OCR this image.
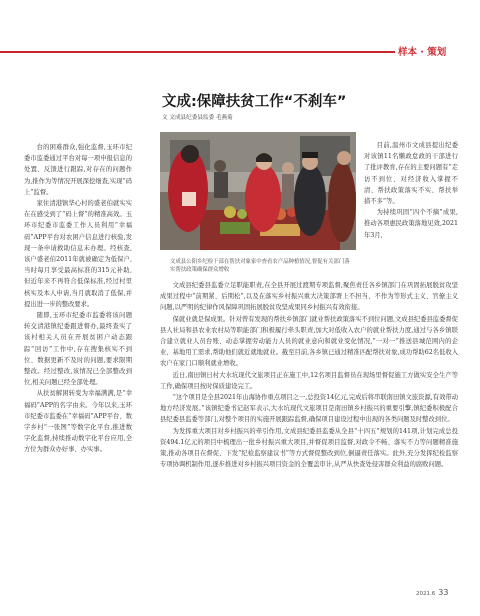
样本 · 策划

台的困难群众,强化监督,玉环市纪委市监委通过平台对每一项申报信息的处置、反馈进行跟踪,对存在的问题作为,推作为等情况开展深挖细查,实现“码上”监督。

家住清港镇华心村的盛老伯就实实在在感受到了“码上督”的精准高效。玉环市纪委市监委工作人员利用“幸福码”APP平台对农困户信息进行核验,发现一条申请救助信息未办理。经核查,该户盛老伯2011年就被确定为低保户,当时每月享受最高标准的315元补助,但近年来不再符合低保标准,经过村里核实及本人申请,当月就取消了低保,并提出进一步的整改要求。

随即,玉环市纪委市监委将该问题转交清港镇纪委跟进督办,最终查实了该村相关人员在开展贫困户动态跟踪“回访”工作中,存在搜集核实不到位、数据更新不及时的问题,要求限期整改。经过整改,该情况已全部整改到位,相关问题已经全部处理。

从扶贫解困转变为幸福满满,是“幸福码”APP的名字由来。今年以来,玉环市纪委市监委在“幸福码”APP平台、数字乡村“一张图”等数字化平台,推进数字化监督,持续推动数字化平台应用,全方位为群众办好事、办实事。

文成:保障扶贫工作“不刹车”
文 文成县纪委县监委 毛燕菊
文成县公阳乡纪检干部在帮扶对象家中查看农产品种植情况,督促有关部门落实帮扶政策确保群众增收

目前,温州市文成县提出纪委对该镇11名懒政怠政的干部进行了批评教育,存在的主要问题有“走访不到位、对经济收入掌握不清、帮扶政策落实不实、帮扶举措不多”等。

为持续巩固“四个不摘”成果,推动各项惠民政策落地见效,2021年3月,

文成县纪委县监委立足职能职责,在全县开展过渡期专项监督,聚焦责任各乡镇部门在巩固拓展脱贫攻坚成果过程中“前期紧、后期松”,以及在落实乡村振兴重大决策部署上不担当、不作为等形式主义、官僚主义问题,以严明的纪律作风保障巩固拓展脱贫攻坚成果同乡村振兴有效衔接。

保就业就是保成果。针对曾有发现的帮扶乡镇部门就业帮扶政策落实不到位问题,文成县纪委县监委督促县人社局和县农业农村局等职能部门积极履行牵头职责,加大对低收入农户的就业帮扶力度,通过与各乡镇联合建立就业人员台账、动态掌握劳动能力人员的就业意向和就业变化情况,“一对一”推送县城范围内的企业、基地用工需求,帮助他们就近就地就业。截至目前,各乡镇已通过精准匹配帮扶对象,成功帮助62名低收入农户在家门口顺利就业增收。

近日,南田镇日村大水坑现代文旅项目正在施工中,12名项目监督员在现场里督促施工方做实安全生产等工作,确保项目按时保质建设完工。

“这个项目是全县2021年山海协作重点项目之一,总投资14亿元,完成后将串联南田镇文旅资源,有效带动地方经济发展。”该镇纪委书记赵军表示,大水坑现代文旅项目是南田镇乡村振兴的重要引擎,镇纪委积极配合县纪委县监委等部门,对整个项目的实施开展跟踪监督,确保项目建设过程中出现的各类问题及时整改到位。

为发挥重大项目对乡村振兴的牵引作用,文成县纪委县监委从全县“十四五”规划的141项,计划完成总投资494.1亿元的项目中梳理出一批乡村振兴重大项目,并督促项目监督,对政令不畅、落实不力等问题精准施策,推动各项目在督促、下发“纪检监察建议书”等方式督促整改到位,倒逼责任落实。此外,充分发挥纪检监察专项协调机制作用,逐步推进对乡村振兴项目资金的全覆盖审计,从严从快查处侵害群众利益的腐败问题。

2021.6 33
